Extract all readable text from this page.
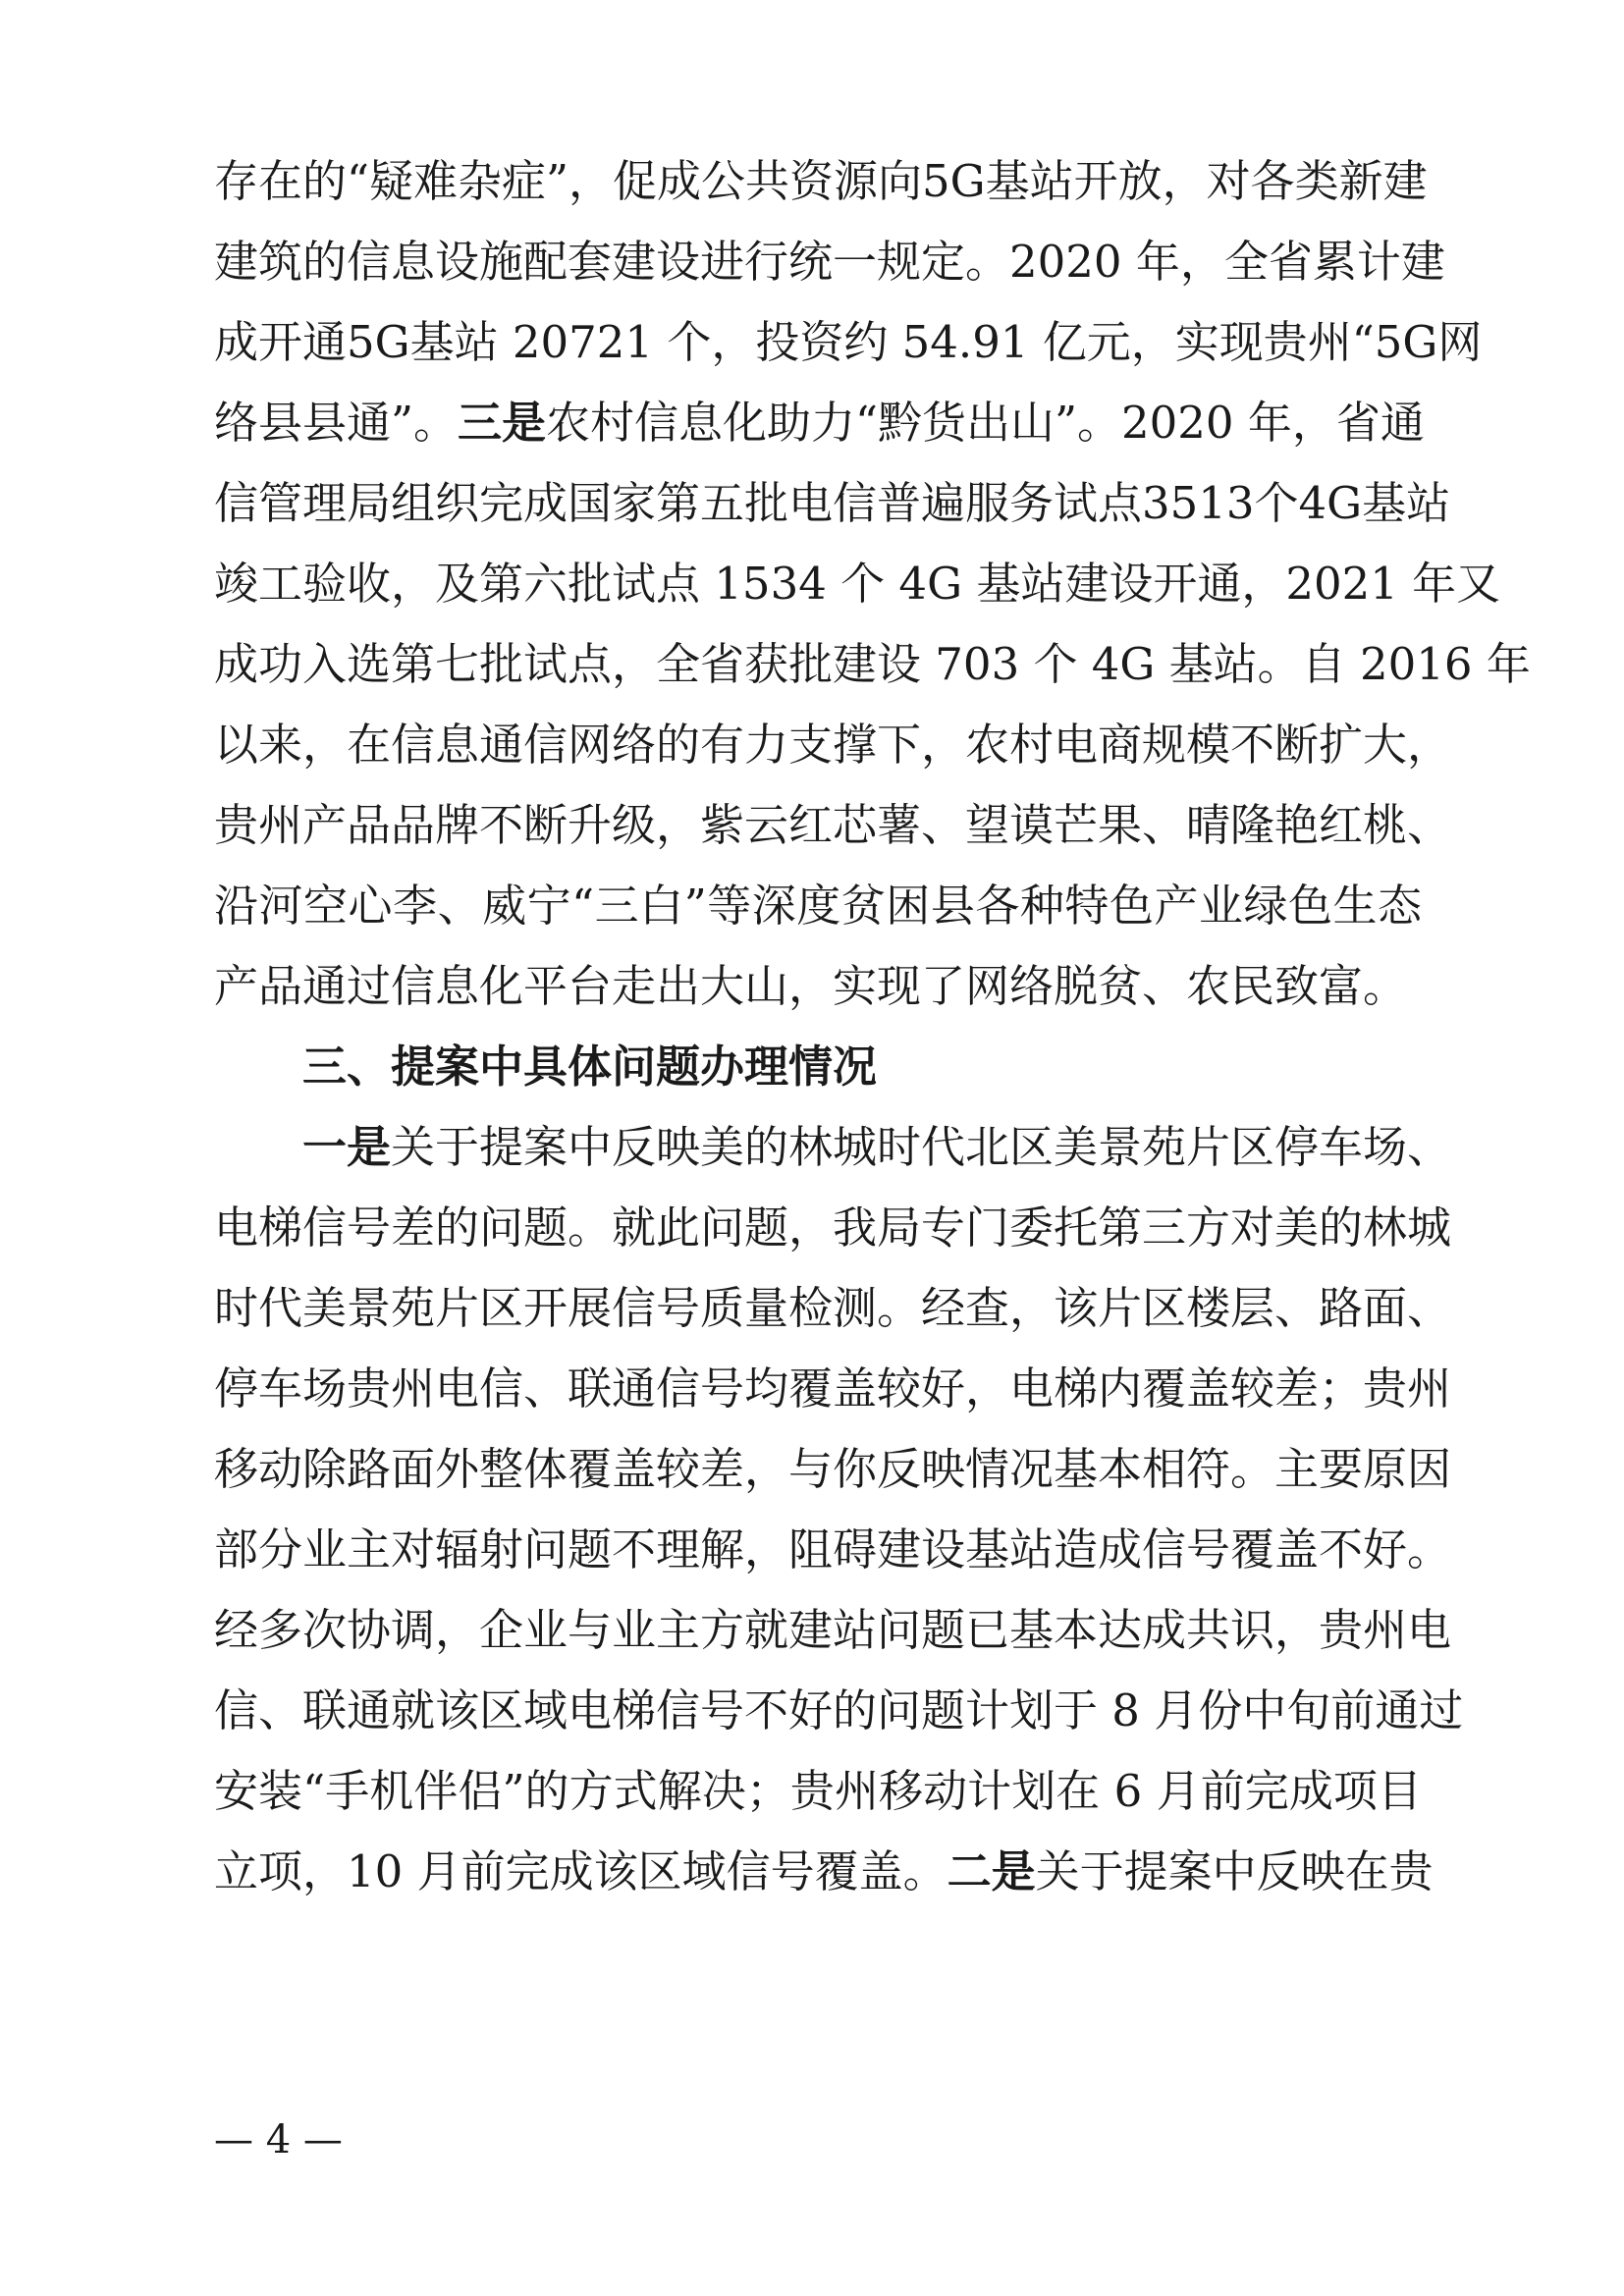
存在的“疑难杂症”，促成公共资源向5G基站开放，对各类新建
建筑的信息设施配套建设进行统一规定。2020 年，全省累计建
成开通5G基站 20721 个，投资约 54.91 亿元，实现贵州“5G网
络县县通”。三是农村信息化助力“黔货出山”。2020 年，省通
信管理局组织完成国家第五批电信普遍服务试点3513个4G基站
竣工验收，及第六批试点 1534 个 4G 基站建设开通，2021 年又
成功入选第七批试点，全省获批建设 703 个 4G 基站。自 2016 年
以来，在信息通信网络的有力支撑下，农村电商规模不断扩大，
贵州产品品牌不断升级，紫云红芯薯、望谟芒果、晴隆艳红桃、
沿河空心李、威宁“三白”等深度贫困县各种特色产业绿色生态
产品通过信息化平台走出大山，实现了网络脱贫、农民致富。
三、提案中具体问题办理情况
一是关于提案中反映美的林城时代北区美景苑片区停车场、
电梯信号差的问题。就此问题，我局专门委托第三方对美的林城
时代美景苑片区开展信号质量检测。经查，该片区楼层、路面、
停车场贵州电信、联通信号均覆盖较好，电梯内覆盖较差；贵州
移动除路面外整体覆盖较差，与你反映情况基本相符。主要原因
部分业主对辐射问题不理解，阻碍建设基站造成信号覆盖不好。
经多次协调，企业与业主方就建站问题已基本达成共识，贵州电
信、联通就该区域电梯信号不好的问题计划于 8 月份中旬前通过
安装“手机伴侣”的方式解决；贵州移动计划在 6 月前完成项目
立项，10 月前完成该区域信号覆盖。二是关于提案中反映在贵
— 4 —
